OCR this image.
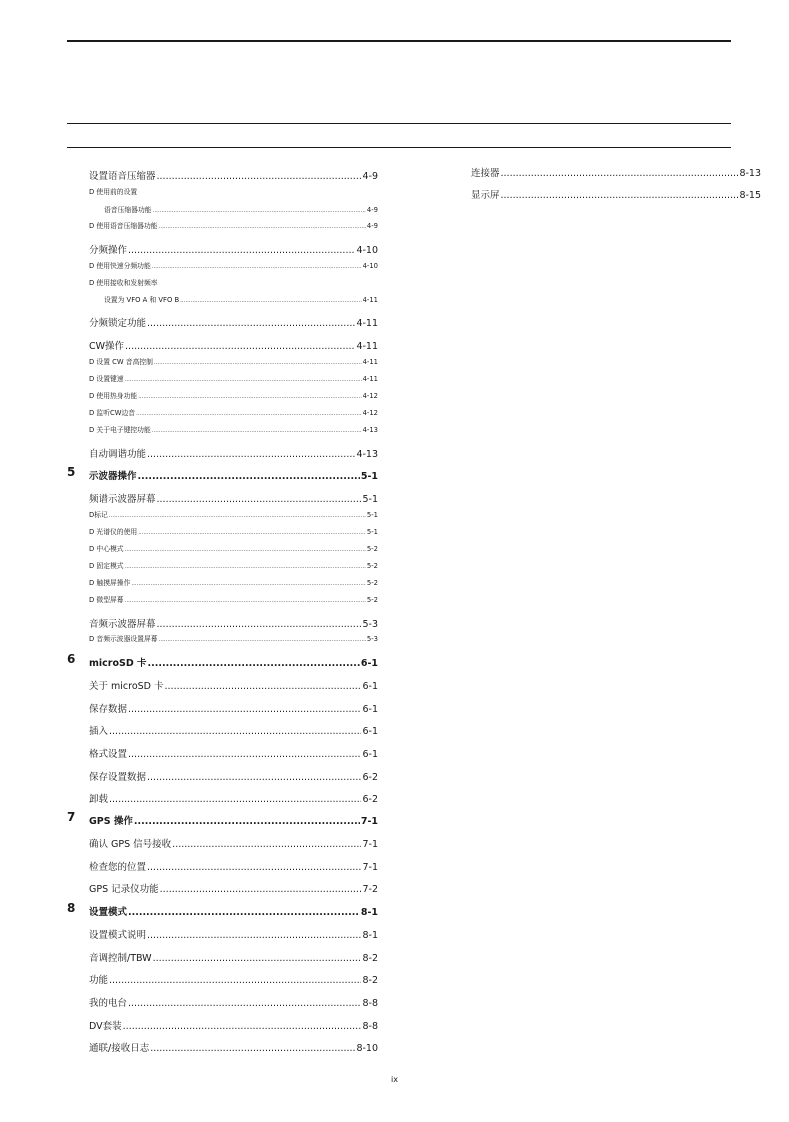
设置语音压缩器 .....	4-9
D 使用前的设置
语音压缩器功能 .....	4-9
D 使用语音压缩器功能 .....	4-9
分频操作 .....	4-10
D 使用快速分频功能 .....	4-10
D 使用接收和发射频率
设置为 VFO A 和 VFO B .....	4-11
分频锁定功能 .....	4-11
CW操作 .....	4-11
D 设置 CW 音高控制 .....	4-11
D 设置键速 .....	4-11
D 使用热身功能 .....	4-12
D 监听CW边音 .....	4-12
D 关于电子键控功能 .....	4-13
自动调谐功能 .....	4-13
示波器操作 .....	5-1
5
频谱示波器屏幕 .....	5-1
D标记 .....	5-1
D 光谱仪的使用 .....	5-1
D 中心模式 .....	5-2
D 固定模式 .....	5-2
D 触摸屏操作 .....	5-2
D 微型屏幕 .....	5-2
音频示波器屏幕 .....	5-3
D 音频示波器设置屏幕 .....	5-3
microSD 卡 .....	6-1
6
关于 microSD 卡 .....	6-1
保存数据 .....	6-1
插入 .....	6-1
格式设置 .....	6-1
保存设置数据 .....	6-2
卸载 .....	6-2
GPS 操作 .....	7-1
7
确认 GPS 信号接收 .....	7-1
检查您的位置 .....	7-1
GPS 记录仪功能 .....	7-2
设置模式 .....	8-1
8
设置模式说明 .....	8-1
音调控制/TBW .....	8-2
功能 .....	8-2
我的电台 .....	8-8
DV套装 .....	8-8
通联/接收日志 .....	8-10
连接器 .....	8-13
显示屏 .....	8-15
ix
